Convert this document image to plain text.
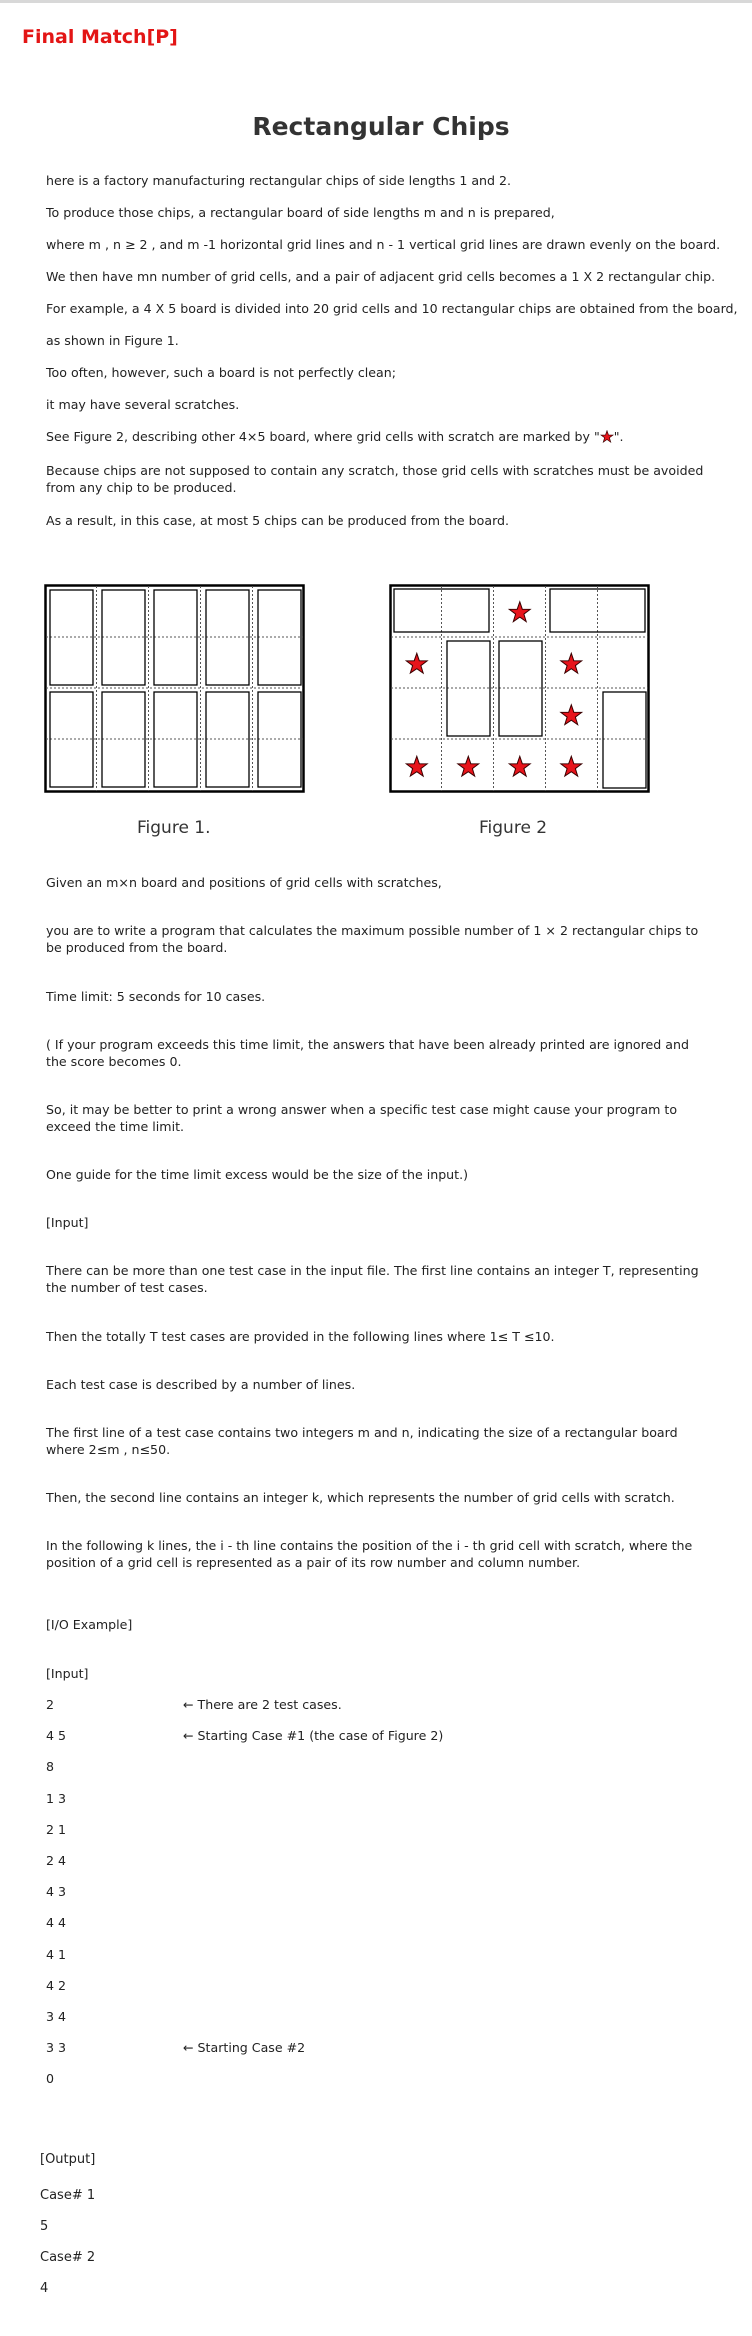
Final Match[P]
Rectangular Chips
here is a factory manufacturing rectangular chips of side lengths 1 and 2.
To produce those chips, a rectangular board of side lengths m and n is prepared,
where m , n ≥ 2 , and m -1 horizontal grid lines and n - 1 vertical grid lines are drawn evenly on the board.
We then have mn number of grid cells, and a pair of adjacent grid cells becomes a 1 X 2 rectangular chip.
For example, a 4 X 5 board is divided into 20 grid cells and 10 rectangular chips are obtained from the board,
as shown in Figure 1.
Too often, however, such a board is not perfectly clean;
it may have several scratches.
See Figure 2, describing other 4×5 board, where grid cells with scratch are marked by " ".
Because chips are not supposed to contain any scratch, those grid cells with scratches must be avoided from any chip to be produced.
As a result, in this case, at most 5 chips can be produced from the board.
Figure 1.	Figure 2
Given an m×n board and positions of grid cells with scratches,
you are to write a program that calculates the maximum possible number of 1 × 2 rectangular chips to be produced from the board.
Time limit: 5 seconds for 10 cases.
( If your program exceeds this time limit, the answers that have been already printed are ignored and the score becomes 0.
So, it may be better to print a wrong answer when a specific test case might cause your program to exceed the time limit.
One guide for the time limit excess would be the size of the input.)
[Input]
There can be more than one test case in the input file. The first line contains an integer T, representing the number of test cases.
Then the totally T test cases are provided in the following lines where 1≤ T ≤10.
Each test case is described by a number of lines.
The first line of a test case contains two integers m and n, indicating the size of a rectangular board where 2≤m , n≤50.
Then, the second line contains an integer k, which represents the number of grid cells with scratch.
In the following k lines, the i - th line contains the position of the i - th grid cell with scratch, where the position of a grid cell is represented as a pair of its row number and column number.
[I/O Example]
[Input]
2	← There are 2 test cases.
4 5	← Starting Case #1 (the case of Figure 2)
8
1 3
2 1
2 4
4 3
4 4
4 1
4 2
3 4
3 3	← Starting Case #2
0
[Output]
Case# 1
5
Case# 2
4
